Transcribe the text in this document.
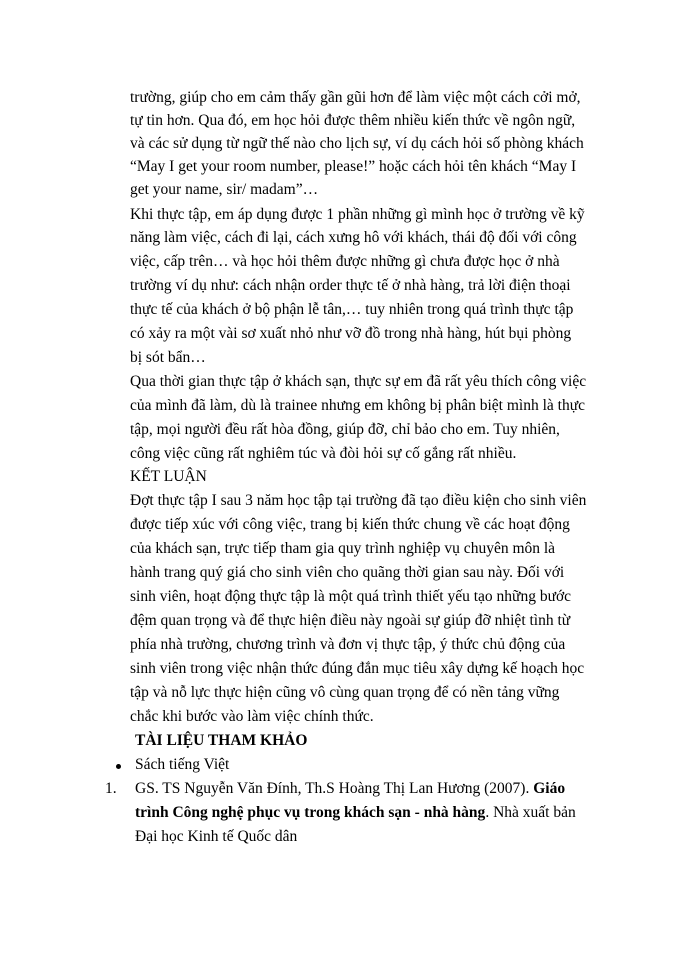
trường, giúp cho em cảm thấy gần gũi hơn để làm việc một cách cởi mở,
tự tin hơn. Qua đó, em học hỏi được thêm nhiều kiến thức về ngôn ngữ,
và các sử dụng từ ngữ thế nào cho lịch sự, ví dụ cách hỏi số phòng khách
“May I get your room number, please!” hoặc cách hỏi tên khách “May I
get your name, sir/ madam”…
Khi thực tập, em áp dụng được 1 phần những gì mình học ở trường về kỹ
năng làm việc, cách đi lại, cách xưng hô với khách, thái độ đối với công
việc, cấp trên… và học hỏi thêm được những gì chưa được học ở nhà
trường ví dụ như: cách nhận order thực tế ở nhà hàng, trả lời điện thoại
thực tế của khách ở bộ phận lễ tân,… tuy nhiên trong quá trình thực tập
có xảy ra một vài sơ xuất nhỏ như vỡ đồ trong nhà hàng, hút bụi phòng
bị sót bẩn…
Qua thời gian thực tập ở khách sạn, thực sự em đã rất yêu thích công việc
của mình đã làm, dù là trainee nhưng em không bị phân biệt mình là thực
tập, mọi người đều rất hòa đồng, giúp đỡ, chỉ bảo cho em. Tuy nhiên,
công việc cũng rất nghiêm túc và đòi hỏi sự cố gắng rất nhiều.
KẾT LUẬN
Đợt thực tập I sau 3 năm học tập tại trường đã tạo điều kiện cho sinh viên
được tiếp xúc với công việc, trang bị kiến thức chung về các hoạt động
của khách sạn, trực tiếp tham gia quy trình nghiệp vụ chuyên môn là
hành trang quý giá cho sinh viên cho quãng thời gian sau này. Đối với
sinh viên, hoạt động thực tập là một quá trình thiết yếu tạo những bước
đệm quan trọng và để thực hiện điều này ngoài sự giúp đỡ nhiệt tình từ
phía nhà trường, chương trình và đơn vị thực tập, ý thức chủ động của
sinh viên trong việc nhận thức đúng đắn mục tiêu xây dựng kế hoạch học
tập và nỗ lực thực hiện cũng vô cùng quan trọng để có nền tảng vững
chắc khi bước vào làm việc chính thức.
TÀI LIỆU THAM KHẢO
Sách tiếng Việt
1. GS. TS Nguyễn Văn Đính, Th.S Hoàng Thị Lan Hương (2007). Giáo
trình Công nghệ phục vụ trong khách sạn - nhà hàng. Nhà xuất bản
Đại học Kinh tế Quốc dân
